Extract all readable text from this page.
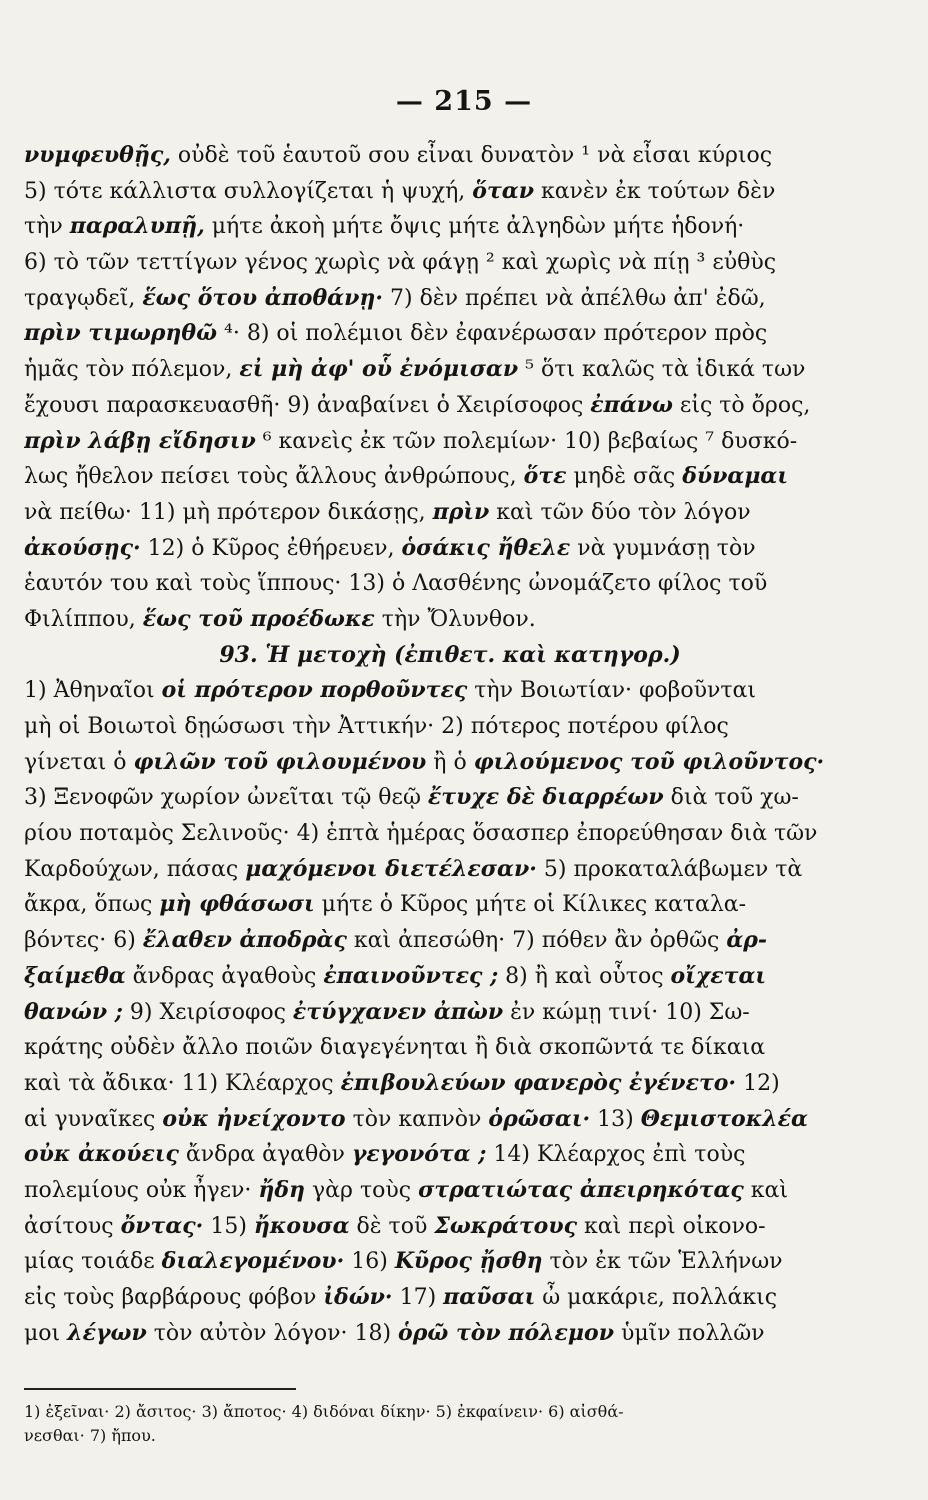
— 215 —
νυμφευθῇς, οὐδὲ τοῦ ἑαυτοῦ σου εἶναι δυνατὸν ¹ νὰ εἶσαι κύριος
5) τότε κάλλιστα συλλογίζεται ἡ ψυχή, ὅταν κανὲν ἐκ τούτων δὲν
τὴν παραλυπῇ, μήτε ἀκοὴ μήτε ὄψις μήτε ἀλγηδὼν μήτε ἡδονή·
6) τὸ τῶν τεττίγων γένος χωρὶς νὰ φάγῃ ² καὶ χωρὶς νὰ πίῃ ³ εὐθὺς
τραγῳδεῖ, ἕως ὅτου ἀποθάνῃ· 7) δὲν πρέπει νὰ ἀπέλθω ἀπ' ἐδῶ,
πρὶν τιμωρηθῶ ⁴· 8) οἱ πολέμιοι δὲν ἐφανέρωσαν πρότερον πρὸς
ἡμᾶς τὸν πόλεμον, εἰ μὴ ἀφ' οὗ ἐνόμισαν ⁵ ὅτι καλῶς τὰ ἰδικά των
ἔχουσι παρασκευασθῆ· 9) ἀναβαίνει ὁ Χειρίσοφος ἐπάνω εἰς τὸ ὄρος,
πρὶν λάβῃ εἴδησιν ⁶ κανεὶς ἐκ τῶν πολεμίων· 10) βεβαίως ⁷ δυσκό-
λως ἤθελον πείσει τοὺς ἄλλους ἀνθρώπους, ὅτε μηδὲ σᾶς δύναμαι
νὰ πείθω· 11) μὴ πρότερον δικάσῃς, πρὶν καὶ τῶν δύο τὸν λόγον
ἀκούσῃς· 12) ὁ Κῦρος ἐθήρευεν, ὁσάκις ἤθελε νὰ γυμνάσῃ τὸν
ἑαυτόν του καὶ τοὺς ἵππους· 13) ὁ Λασθένης ὠνομάζετο φίλος τοῦ
Φιλίππου, ἕως τοῦ προέδωκε τὴν Ὄλυνθον.
93. Ἡ μετοχὴ (ἐπιθετ. καὶ κατηγορ.)
1) Ἀθηναῖοι οἱ πρότερον πορθοῦντες τὴν Βοιωτίαν· φοβοῦνται
μὴ οἱ Βοιωτοὶ δῃώσωσι τὴν Ἀττικήν· 2) πότερος ποτέρου φίλος
γίνεται ὁ φιλῶν τοῦ φιλουμένου ἢ ὁ φιλούμενος τοῦ φιλοῦντος·
3) Ξενοφῶν χωρίον ὠνεῖται τῷ θεῷ ἔτυχε δὲ διαρρέων διὰ τοῦ χω-
ρίου ποταμὸς Σελινοῦς· 4) ἑπτὰ ἡμέρας ὅσασπερ ἐπορεύθησαν διὰ τῶν
Καρδούχων, πάσας μαχόμενοι διετέλεσαν· 5) προκαταλάβωμεν τὰ
ἄκρα, ὅπως μὴ φθάσωσι μήτε ὁ Κῦρος μήτε οἱ Κίλικες καταλα-
βόντες· 6) ἔλαθεν ἀποδρὰς καὶ ἀπεσώθη· 7) πόθεν ἂν ὀρθῶς ἀρ-
ξαίμεθα ἄνδρας ἀγαθοὺς ἐπαινοῦντες ; 8) ἢ καὶ οὗτος οἴχεται
θανών ; 9) Χειρίσοφος ἐτύγχανεν ἀπὼν ἐν κώμῃ τινί· 10) Σω-
κράτης οὐδὲν ἄλλο ποιῶν διαγεγένηται ἢ διὰ σκοπῶντά τε δίκαια
καὶ τὰ ἄδικα· 11) Κλέαρχος ἐπιβουλεύων φανερὸς ἐγένετο· 12)
αἱ γυναῖκες οὐκ ἠνείχοντο τὸν καπνὸν ὁρῶσαι· 13) Θεμιστοκλέα
οὐκ ἀκούεις ἄνδρα ἀγαθὸν γεγονότα ; 14) Κλέαρχος ἐπὶ τοὺς
πολεμίους οὐκ ἦγεν· ἤδη γὰρ τοὺς στρατιώτας ἀπειρηκότας καὶ
ἀσίτους ὄντας· 15) ἤκουσα δὲ τοῦ Σωκράτους καὶ περὶ οἰκονο-
μίας τοιάδε διαλεγομένου· 16) Κῦρος ᾔσθη τὸν ἐκ τῶν Ἑλλήνων
εἰς τοὺς βαρβάρους φόβον ἰδών· 17) παῦσαι ὦ μακάριε, πολλάκις
μοι λέγων τὸν αὐτὸν λόγον· 18) ὁρῶ τὸν πόλεμον ὑμῖν πολλῶν
1) ἐξεῖναι· 2) ἄσιτος· 3) ἄποτος· 4) διδόναι δίκην· 5) ἐκφαίνειν· 6) αἰσθά-
νεσθαι· 7) ἤπου.
